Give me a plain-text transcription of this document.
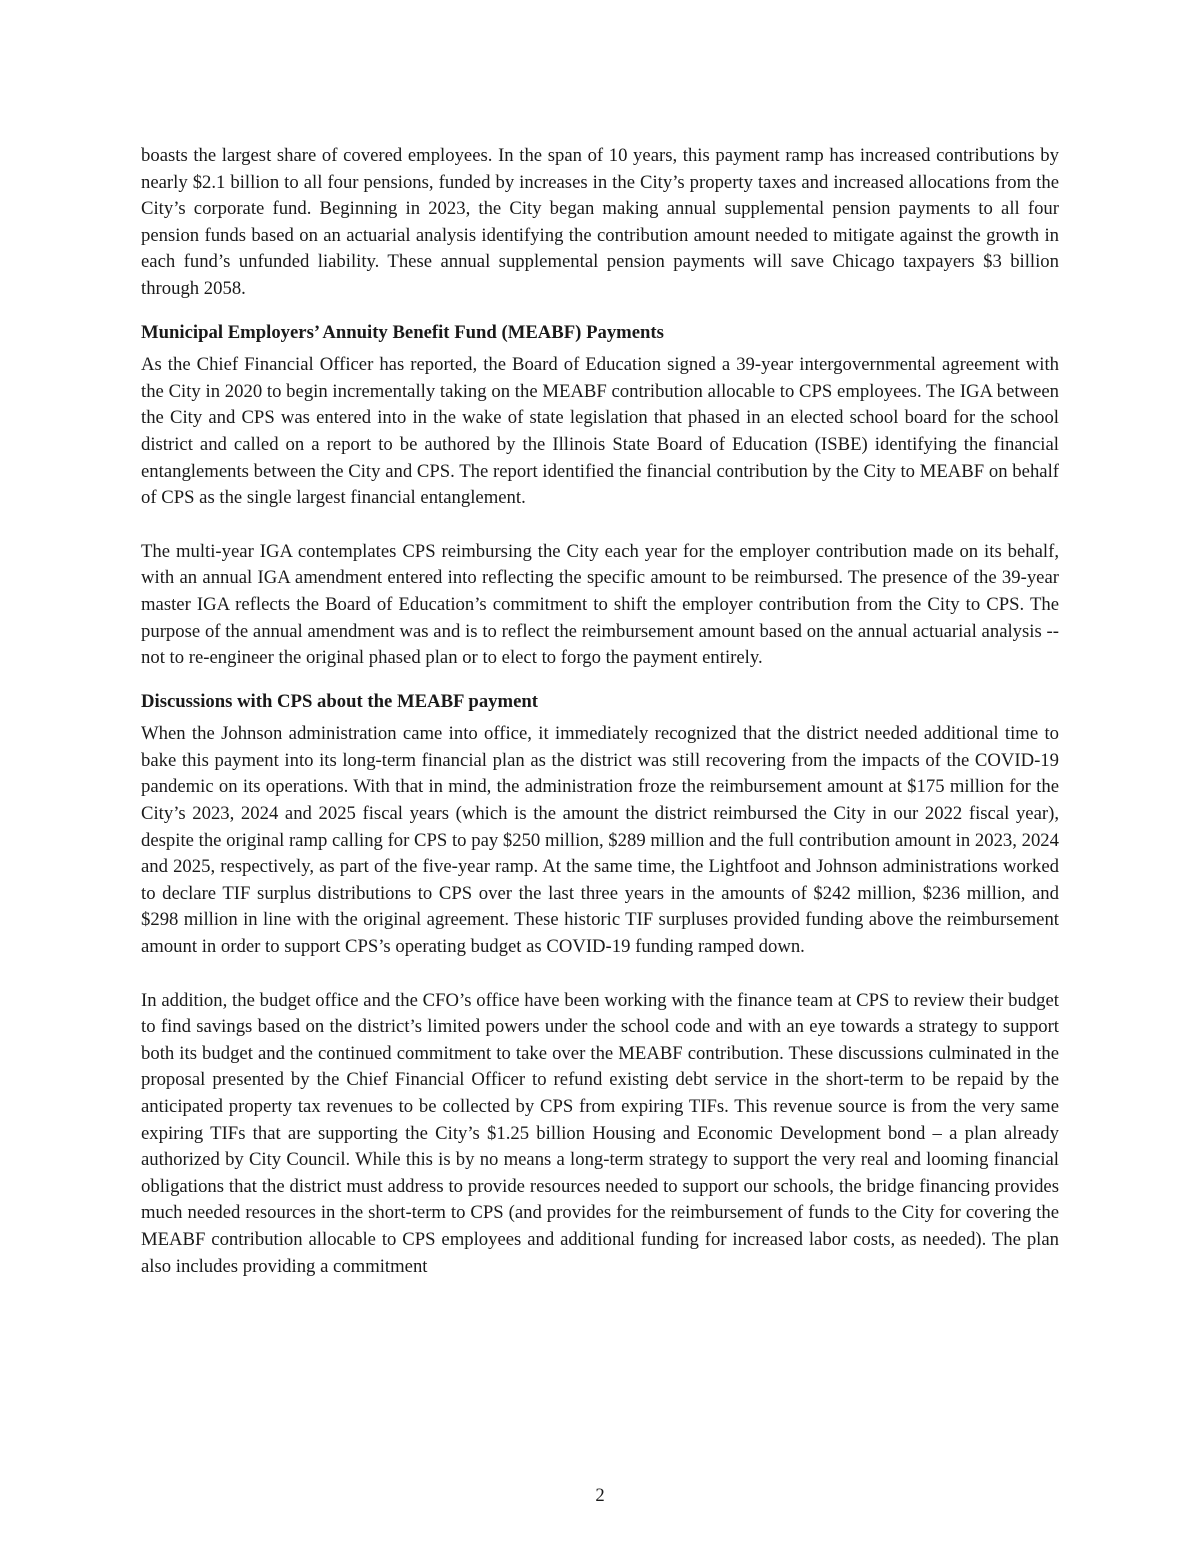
boasts the largest share of covered employees. In the span of 10 years, this payment ramp has increased contributions by nearly $2.1 billion to all four pensions, funded by increases in the City’s property taxes and increased allocations from the City’s corporate fund. Beginning in 2023, the City began making annual supplemental pension payments to all four pension funds based on an actuarial analysis identifying the contribution amount needed to mitigate against the growth in each fund’s unfunded liability. These annual supplemental pension payments will save Chicago taxpayers $3 billion through 2058.

Municipal Employers’ Annuity Benefit Fund (MEABF) Payments

As the Chief Financial Officer has reported, the Board of Education signed a 39-year intergovernmental agreement with the City in 2020 to begin incrementally taking on the MEABF contribution allocable to CPS employees. The IGA between the City and CPS was entered into in the wake of state legislation that phased in an elected school board for the school district and called on a report to be authored by the Illinois State Board of Education (ISBE) identifying the financial entanglements between the City and CPS. The report identified the financial contribution by the City to MEABF on behalf of CPS as the single largest financial entanglement.

The multi-year IGA contemplates CPS reimbursing the City each year for the employer contribution made on its behalf, with an annual IGA amendment entered into reflecting the specific amount to be reimbursed. The presence of the 39-year master IGA reflects the Board of Education’s commitment to shift the employer contribution from the City to CPS. The purpose of the annual amendment was and is to reflect the reimbursement amount based on the annual actuarial analysis -- not to re-engineer the original phased plan or to elect to forgo the payment entirely.

Discussions with CPS about the MEABF payment

When the Johnson administration came into office, it immediately recognized that the district needed additional time to bake this payment into its long-term financial plan as the district was still recovering from the impacts of the COVID-19 pandemic on its operations. With that in mind, the administration froze the reimbursement amount at $175 million for the City’s 2023, 2024 and 2025 fiscal years (which is the amount the district reimbursed the City in our 2022 fiscal year), despite the original ramp calling for CPS to pay $250 million, $289 million and the full contribution amount in 2023, 2024 and 2025, respectively, as part of the five-year ramp. At the same time, the Lightfoot and Johnson administrations worked to declare TIF surplus distributions to CPS over the last three years in the amounts of $242 million, $236 million, and $298 million in line with the original agreement. These historic TIF surpluses provided funding above the reimbursement amount in order to support CPS’s operating budget as COVID-19 funding ramped down.

In addition, the budget office and the CFO’s office have been working with the finance team at CPS to review their budget to find savings based on the district’s limited powers under the school code and with an eye towards a strategy to support both its budget and the continued commitment to take over the MEABF contribution. These discussions culminated in the proposal presented by the Chief Financial Officer to refund existing debt service in the short-term to be repaid by the anticipated property tax revenues to be collected by CPS from expiring TIFs. This revenue source is from the very same expiring TIFs that are supporting the City’s $1.25 billion Housing and Economic Development bond – a plan already authorized by City Council. While this is by no means a long-term strategy to support the very real and looming financial obligations that the district must address to provide resources needed to support our schools, the bridge financing provides much needed resources in the short-term to CPS (and provides for the reimbursement of funds to the City for covering the MEABF contribution allocable to CPS employees and additional funding for increased labor costs, as needed). The plan also includes providing a commitment

2
